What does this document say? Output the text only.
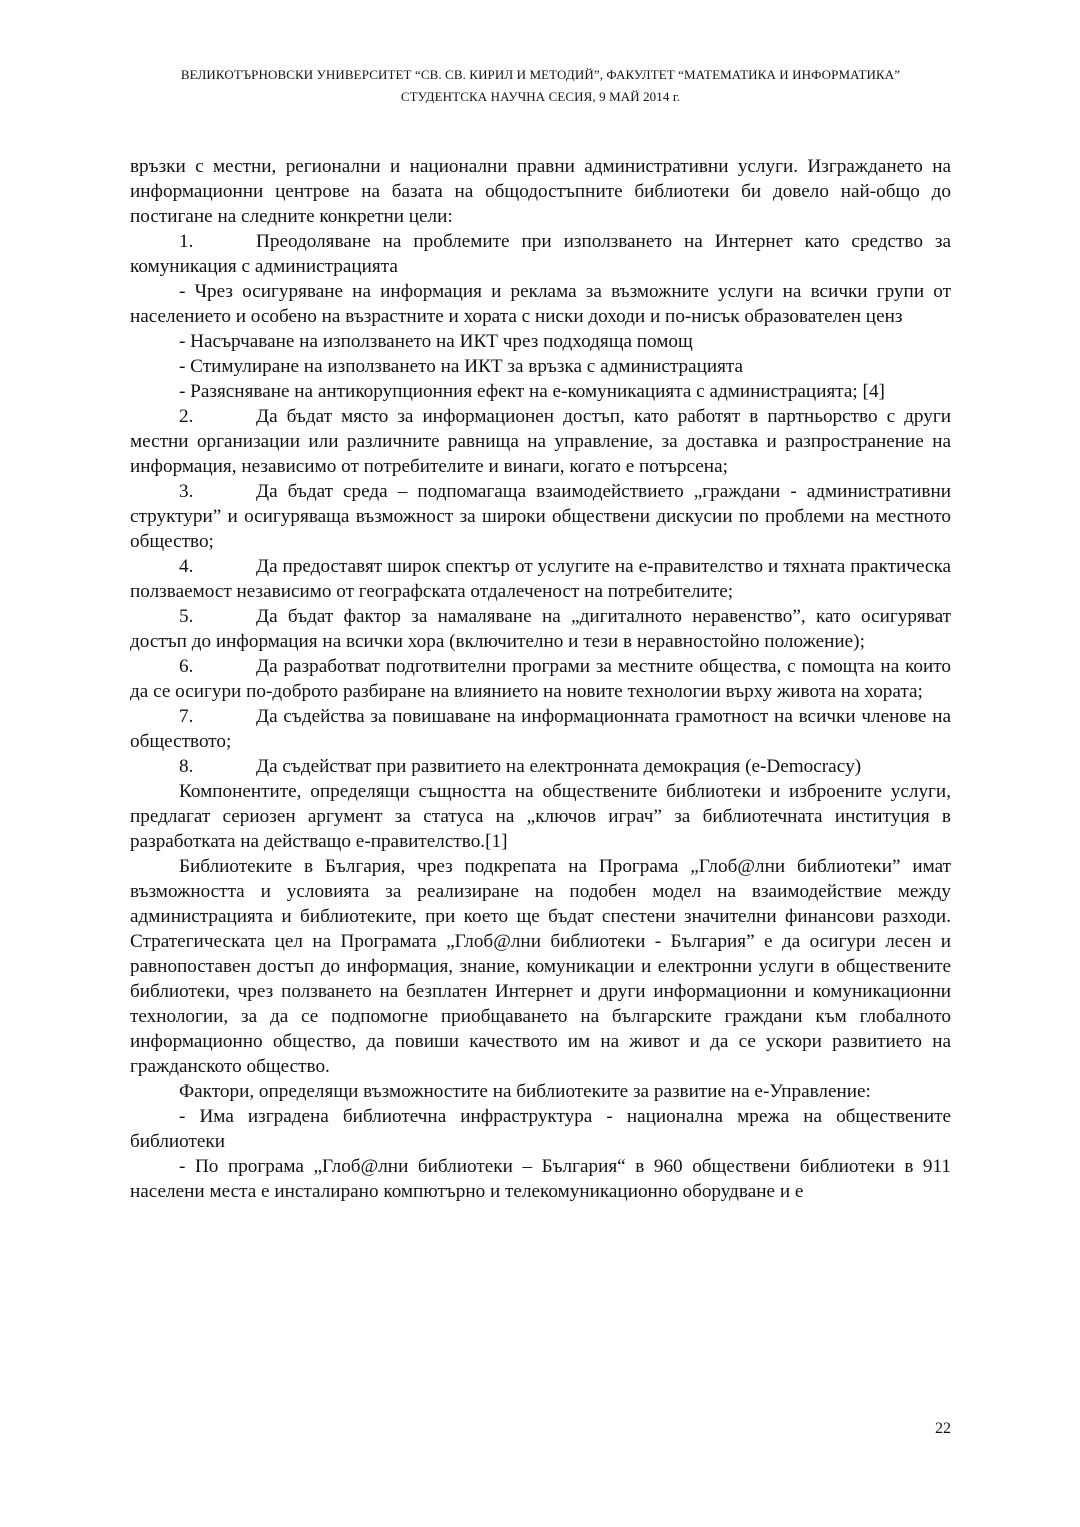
ВЕЛИКОТЪРНОВСКИ УНИВЕРСИТЕТ “СВ. СВ. КИРИЛ И МЕТОДИЙ”, ФАКУЛТЕТ “МАТЕМАТИКА И ИНФОРМАТИКА”
СТУДЕНТСКА НАУЧНА СЕСИЯ, 9 МАЙ 2014 г.

връзки с местни, регионални и национални правни административни услуги. Изграждането на информационни центрове на базата на общодостъпните библиотеки би довело най-общо до постигане на следните конкретни цели:

1.	Преодоляване на проблемите при използването на Интернет като средство за комуникация с администрацията

- Чрез осигуряване на информация и реклама за възможните услуги на всички групи от населението и особено на възрастните и хората с ниски доходи и по-нисък образователен ценз

- Насърчаване на използването на ИКТ чрез подходяща помощ

- Стимулиране на използването на ИКТ за връзка с администрацията

- Разясняване на антикорупционния ефект на е-комуникацията с администрацията; [4]

2.	Да бъдат място за информационен достъп, като работят в партньорство с други местни организации или различните равнища на управление, за доставка и разпространение на информация, независимо от потребителите и винаги, когато е потърсена;

3.	Да бъдат среда – подпомагаща взаимодействието „граждани - административни структури” и осигуряваща възможност за широки обществени дискусии по проблеми на местното общество;

4.	Да предоставят широк спектър от услугите на е-правителство и тяхната практическа ползваемост независимо от географската отдалеченост на потребителите;

5.	Да бъдат фактор за намаляване на „дигиталното неравенство”, като осигуряват достъп до информация на всички хора (включително и тези в неравностойно положение);

6.	Да разработват подготвителни програми за местните общества, с помощта на които да се осигури по-доброто разбиране на влиянието на новите технологии върху живота на хората;

7.	Да съдейства за повишаване на информационната грамотност на всички членове на обществото;

8.	Да съдействат при развитието на електронната демокрация (e-Democracy)

Компонентите, определящи същността на обществените библиотеки и изброените услуги, предлагат сериозен аргумент за статуса на „ключов играч” за библиотечната институция в разработката на действащо е-правителство.[1]

Библиотеките в България, чрез подкрепата на Програма „Глоб@лни библиотеки” имат възможността и условията за реализиране на подобен модел на взаимодействие между администрацията и библиотеките, при което ще бъдат спестени значителни финансови разходи. Стратегическата цел на Програмата „Глоб@лни библиотеки - България” е да осигури лесен и равнопоставен достъп до информация, знание, комуникации и електронни услуги в обществените библиотеки, чрез ползването на безплатен Интернет и други информационни и комуникационни технологии, за да се подпомогне приобщаването на българските граждани към глобалното информационно общество, да повиши качеството им на живот и да се ускори развитието на гражданското общество.

Фактори, определящи възможностите на библиотеките за развитие на е-Управление:

- Има изградена библиотечна инфраструктура - национална мрежа на обществените библиотеки

- По програма „Глоб@лни библиотеки – България“ в 960 обществени библиотеки в 911 населени места е инсталирано компютърно и телекомуникационно оборудване и е

22
